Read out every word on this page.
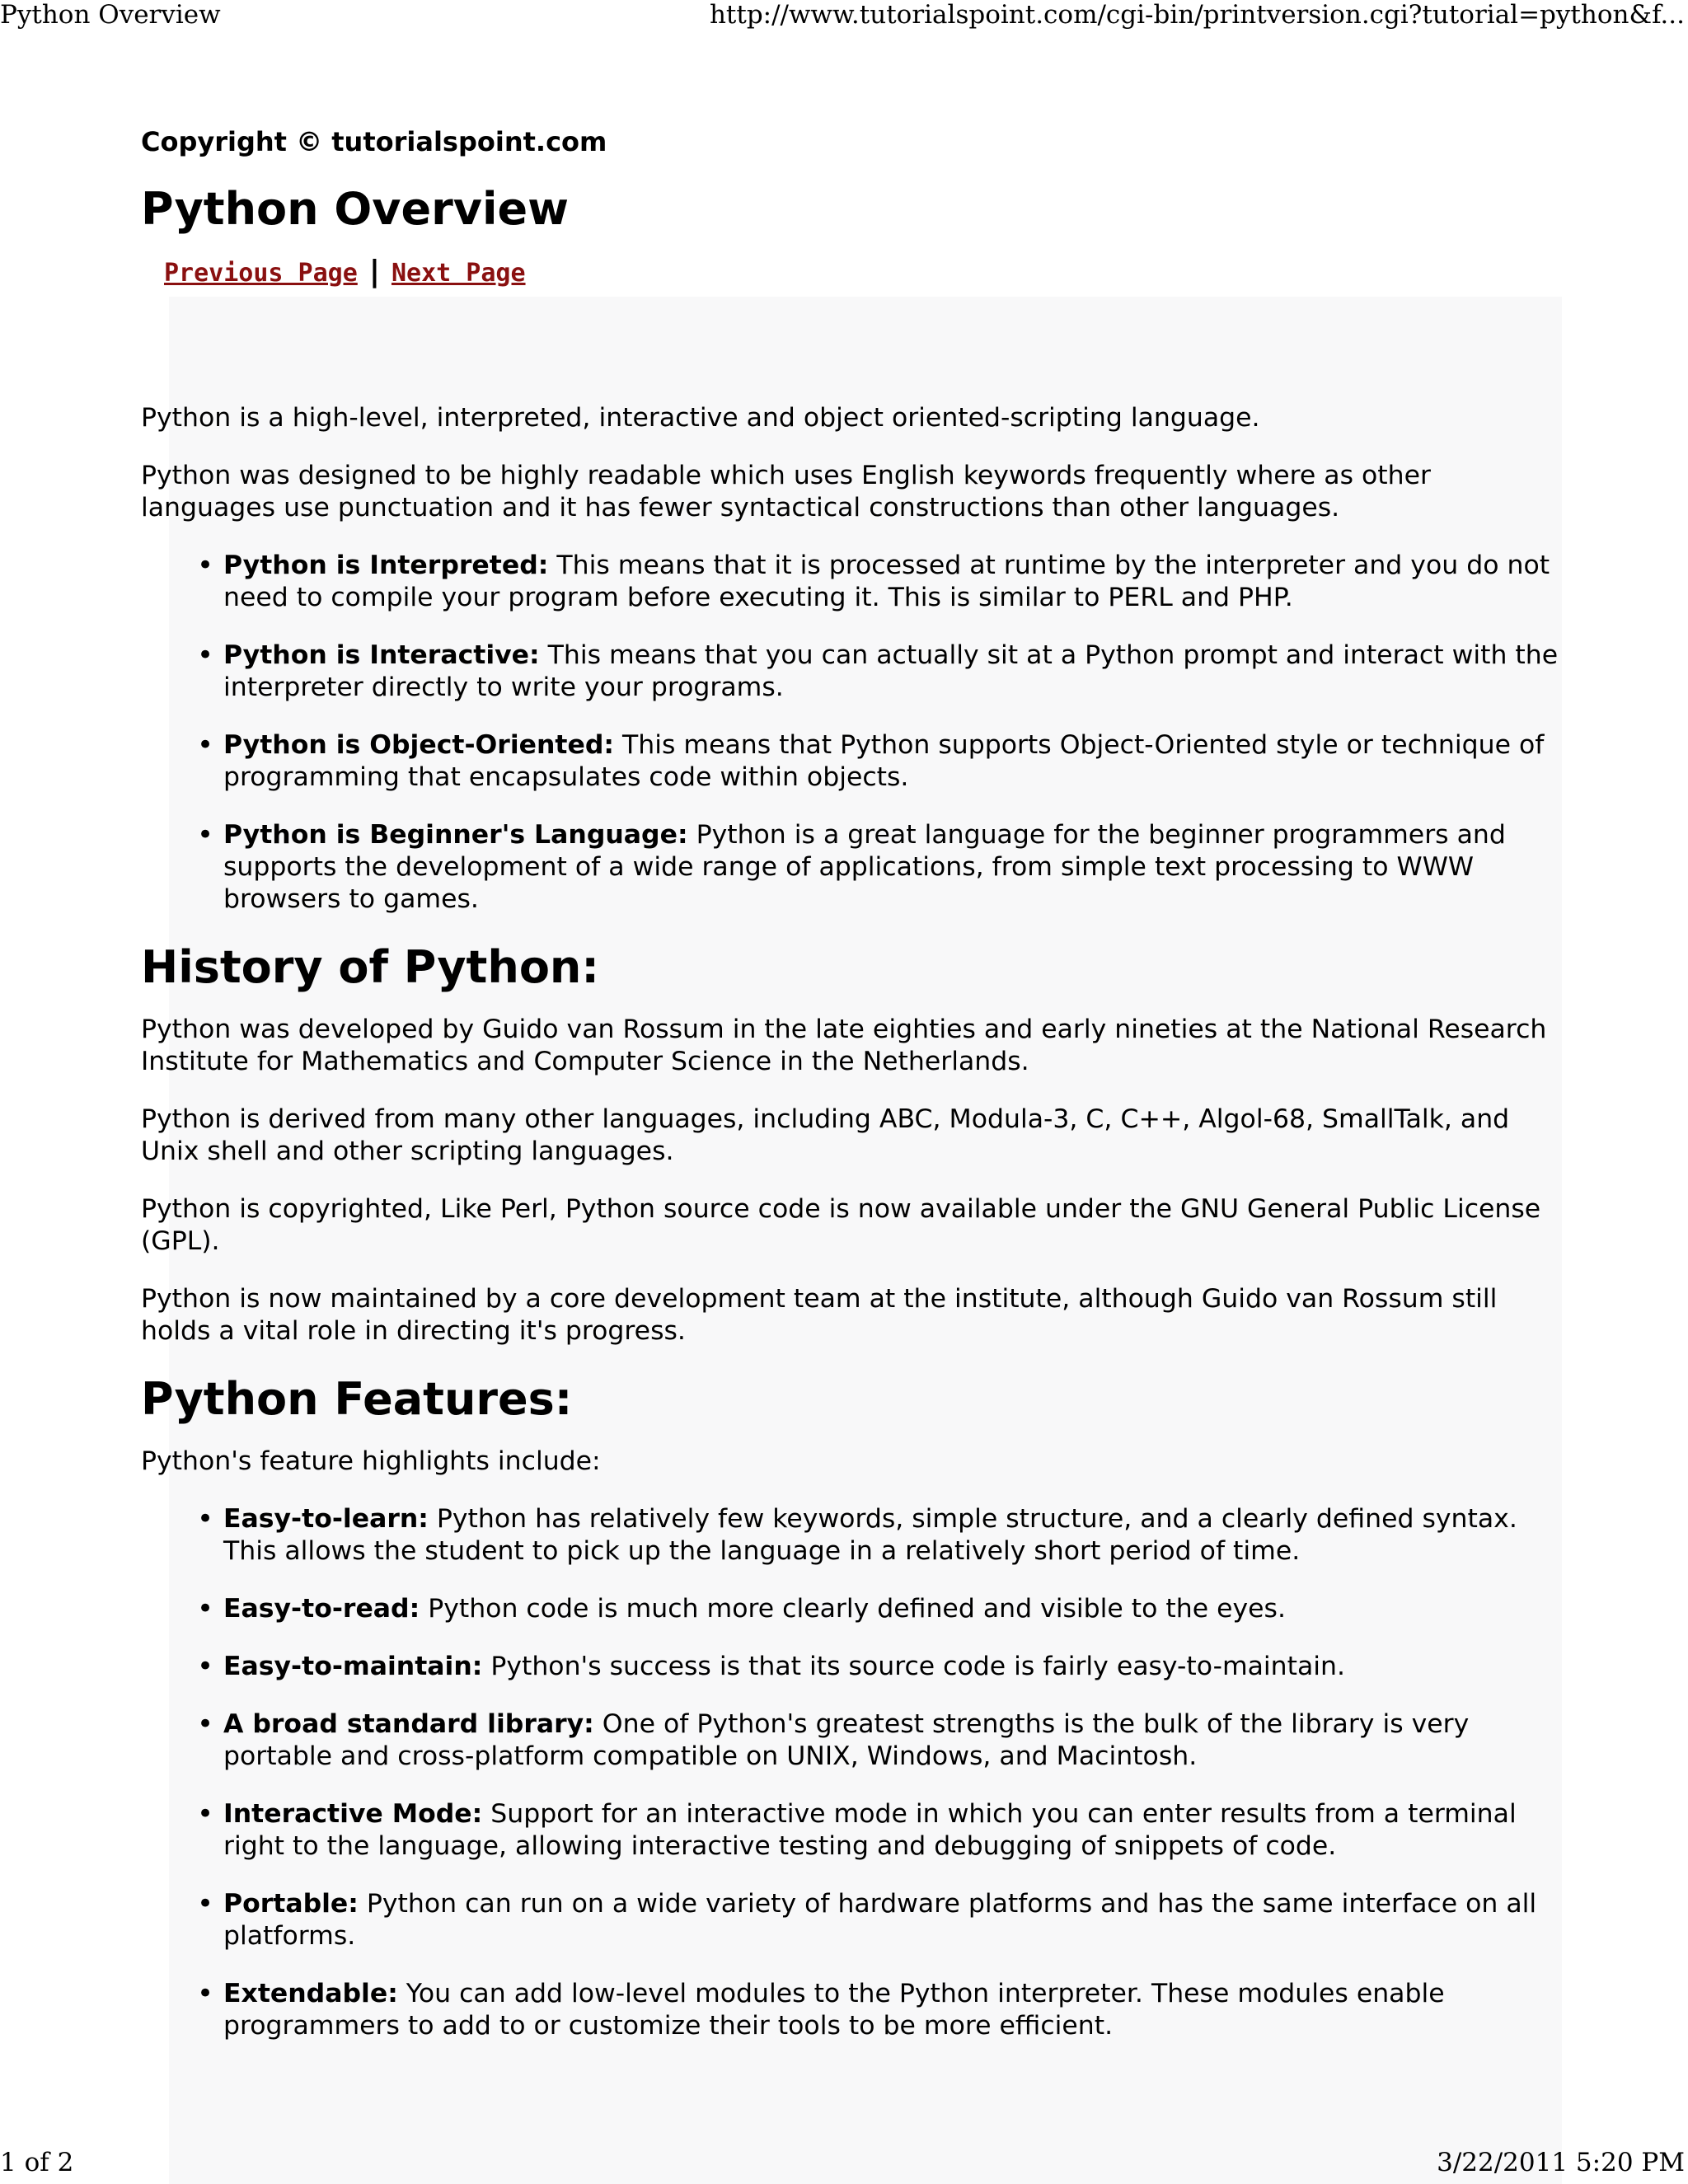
Python Overview	http://www.tutorialspoint.com/cgi-bin/printversion.cgi?tutorial=python&f...
Copyright © tutorialspoint.com
Python Overview
Previous Page | Next Page

Python is a high-level, interpreted, interactive and object oriented-scripting language.

Python was designed to be highly readable which uses English keywords frequently where as other languages use punctuation and it has fewer syntactical constructions than other languages.

• Python is Interpreted: This means that it is processed at runtime by the interpreter and you do not need to compile your program before executing it. This is similar to PERL and PHP.
• Python is Interactive: This means that you can actually sit at a Python prompt and interact with the interpreter directly to write your programs.
• Python is Object-Oriented: This means that Python supports Object-Oriented style or technique of programming that encapsulates code within objects.
• Python is Beginner's Language: Python is a great language for the beginner programmers and supports the development of a wide range of applications, from simple text processing to WWW browsers to games.
History of Python:

Python was developed by Guido van Rossum in the late eighties and early nineties at the National Research Institute for Mathematics and Computer Science in the Netherlands.

Python is derived from many other languages, including ABC, Modula-3, C, C++, Algol-68, SmallTalk, and Unix shell and other scripting languages.

Python is copyrighted, Like Perl, Python source code is now available under the GNU General Public License (GPL).

Python is now maintained by a core development team at the institute, although Guido van Rossum still holds a vital role in directing it's progress.

Python Features:

Python's feature highlights include:

• Easy-to-learn: Python has relatively few keywords, simple structure, and a clearly defined syntax. This allows the student to pick up the language in a relatively short period of time.
• Easy-to-read: Python code is much more clearly defined and visible to the eyes.
• Easy-to-maintain: Python's success is that its source code is fairly easy-to-maintain.
• A broad standard library: One of Python's greatest strengths is the bulk of the library is very portable and cross-platform compatible on UNIX, Windows, and Macintosh.
• Interactive Mode: Support for an interactive mode in which you can enter results from a terminal right to the language, allowing interactive testing and debugging of snippets of code.
• Portable: Python can run on a wide variety of hardware platforms and has the same interface on all platforms.
• Extendable: You can add low-level modules to the Python interpreter. These modules enable programmers to add to or customize their tools to be more efficient.
1 of 2	3/22/2011 5:20 PM
